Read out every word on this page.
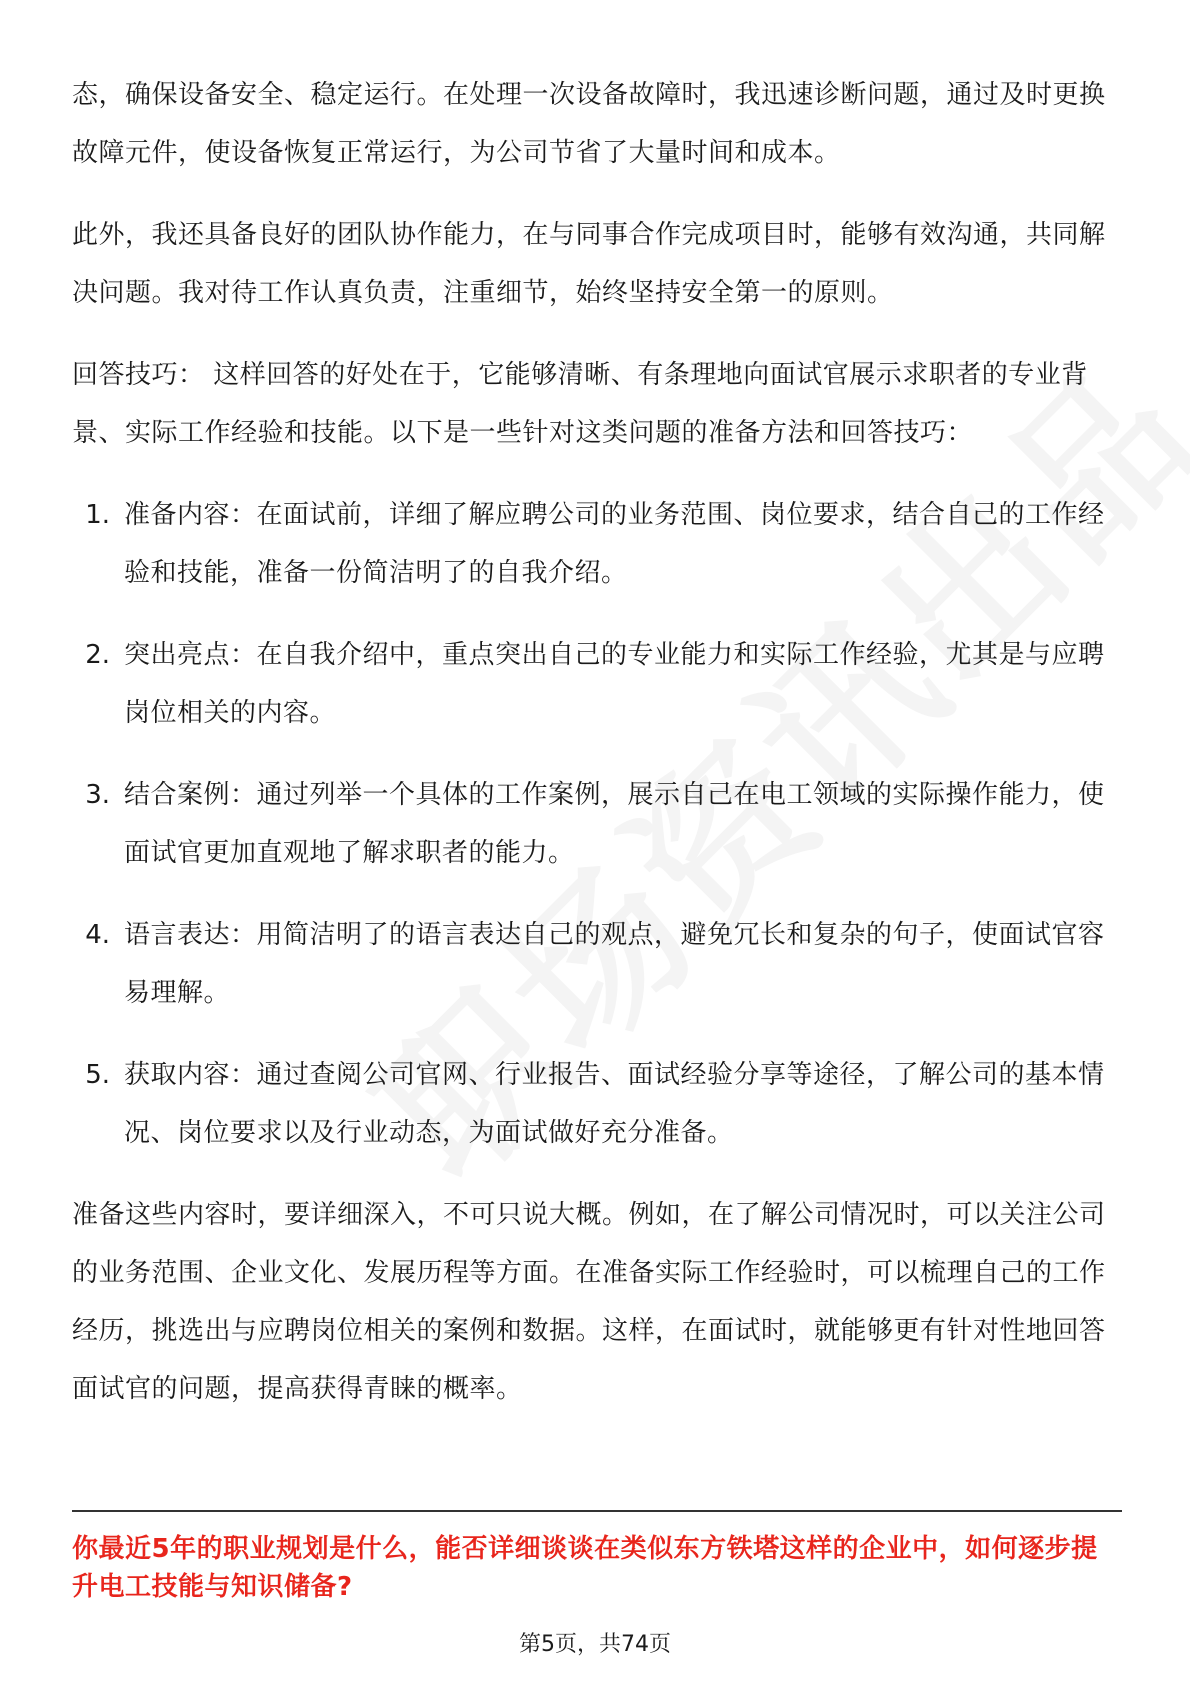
态，确保设备安全、稳定运行。在处理一次设备故障时，我迅速诊断问题，通过及时更换故障元件，使设备恢复正常运行，为公司节省了大量时间和成本。

此外，我还具备良好的团队协作能力，在与同事合作完成项目时，能够有效沟通，共同解决问题。我对待工作认真负责，注重细节，始终坚持安全第一的原则。

回答技巧： 这样回答的好处在于，它能够清晰、有条理地向面试官展示求职者的专业背景、实际工作经验和技能。以下是一些针对这类问题的准备方法和回答技巧：

1. 准备内容：在面试前，详细了解应聘公司的业务范围、岗位要求，结合自己的工作经验和技能，准备一份简洁明了的自我介绍。
2. 突出亮点：在自我介绍中，重点突出自己的专业能力和实际工作经验，尤其是与应聘岗位相关的内容。
3. 结合案例：通过列举一个具体的工作案例，展示自己在电工领域的实际操作能力，使面试官更加直观地了解求职者的能力。
4. 语言表达：用简洁明了的语言表达自己的观点，避免冗长和复杂的句子，使面试官容易理解。
5. 获取内容：通过查阅公司官网、行业报告、面试经验分享等途径，了解公司的基本情况、岗位要求以及行业动态，为面试做好充分准备。

准备这些内容时，要详细深入，不可只说大概。例如，在了解公司情况时，可以关注公司的业务范围、企业文化、发展历程等方面。在准备实际工作经验时，可以梳理自己的工作经历，挑选出与应聘岗位相关的案例和数据。这样，在面试时，就能够更有针对性地回答面试官的问题，提高获得青睐的概率。

你最近5年的职业规划是什么，能否详细谈谈在类似东方铁塔这样的企业中，如何逐步提升电工技能与知识储备?
第5页，共74页
